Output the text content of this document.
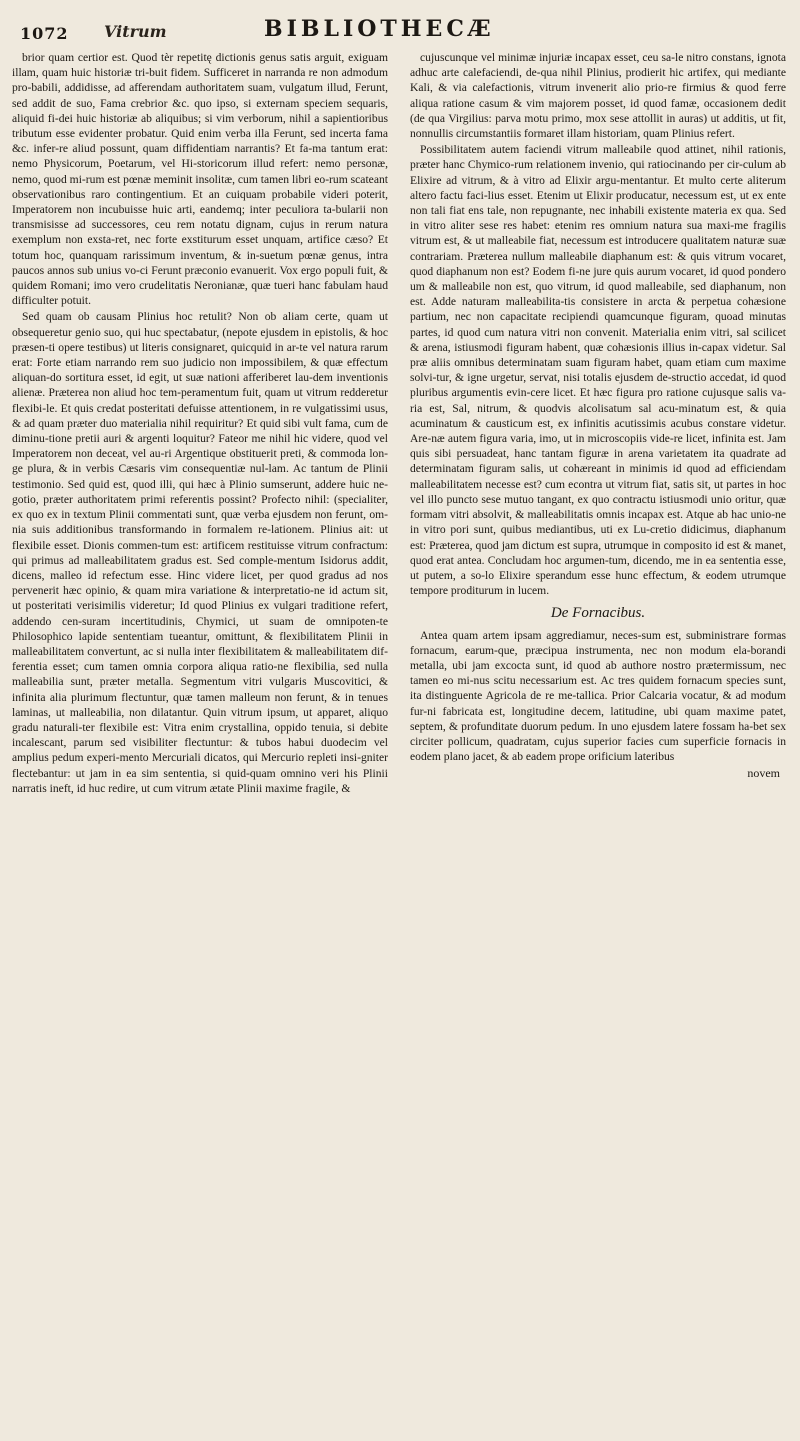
1072 Vitrum	BIBLIOTHECÆ

brior quam certior est. Quod tèr repetitę dictionis genus satis arguit, exiguam illam, quam huic historiæ tri-buit fidem. Sufficeret in narranda re non admodum pro-babili, addidisse, ad afferendam authoritatem suam, vulgatum illud, Ferunt, sed addit de suo, Fama crebrior &c. quo ipso, si externam speciem sequaris, aliquid fi-dei huic historiæ ab aliquibus; si vim verborum, nihil a sapientioribus tributum esse evidenter probatur. Quid enim verba illa Ferunt, sed incerta fama &c. infer-re aliud possunt, quam diffidentiam narrantis? Et fa-ma tantum erat: nemo Physicorum, Poetarum, vel Hi-storicorum illud refert: nemo personæ, nemo, quod mi-rum est pœnæ meminit insolitæ, cum tamen libri eo-rum scateant observationibus raro contingentium. Et an cuiquam probabile videri poterit, Imperatorem non incubuisse huic arti, eandemq; inter peculiora ta-bularii non transmisisse ad successores, ceu rem notatu dignam, cujus in rerum natura exemplum non exsta-ret, nec forte exstiturum esset unquam, artifice cæso? Et totum hoc, quanquam rarissimum inventum, & in-suetum pœnæ genus, intra paucos annos sub unius vo-ci Ferunt præconio evanuerit. Vox ergo populi fuit, & quidem Romani; imo vero crudelitatis Neronianæ, quæ tueri hanc fabulam haud difficulter potuit.

Sed quam ob causam Plinius hoc retulit? Non ob aliam certe, quam ut obsequeretur genio suo, qui huc spectabatur, (nepote ejusdem in epistolis, & hoc præsen-ti opere testibus) ut literis consignaret, quicquid in ar-te vel natura rarum erat: Forte etiam narrando rem suo judicio non impossibilem, & quæ effectum aliquan-do sortitura esset, id egit, ut suæ nationi afferiberet lau-dem inventionis alienæ. Præterea non aliud hoc tem-peramentum fuit, quam ut vitrum redderetur flexibi-le. Et quis credat posteritati defuisse attentionem, in re vulgatissimi usus, & ad quam præter duo materialia nihil requiritur? Et quid sibi vult fama, cum de diminu-tione pretii auri & argenti loquitur? Fateor me nihil hic videre, quod vel Imperatorem non deceat, vel au-ri Argentique obstituerit preti, & commoda lon-ge plura, & in verbis Cæsaris vim consequentiæ nul-lam. Ac tantum de Plinii testimonio. Sed quid est, quod illi, qui hæc à Plinio sumserunt, addere huic ne-gotio, præter authoritatem primi referentis possint? Profecto nihil: (specialiter, ex quo ex in textum Plinii commentati sunt, quæ verba ejusdem non ferunt, om-nia suis additionibus transformando in formalem re-lationem. Plinius ait: ut flexibile esset. Dionis commen-tum est: artificem restituisse vitrum confractum: qui primus ad malleabilitatem gradus est. Sed comple-mentum Isidorus addit, dicens, malleo id refectum esse. Hinc videre licet, per quod gradus ad nos pervenerit hæc opinio, & quam mira variatione & interpretatio-ne id actum sit, ut posteritati verisimilis videretur; Id quod Plinius ex vulgari traditione refert, addendo cen-suram incertitudinis, Chymici, ut suam de omnipoten-te Philosophico lapide sententiam tueantur, omittunt, & flexibilitatem Plinii in malleabilitatem convertunt, ac si nulla inter flexibilitatem & malleabilitatem dif-ferentia esset; cum tamen omnia corpora aliqua ratio-ne flexibilia, sed nulla malleabilia sunt, præter metalla. Segmentum vitri vulgaris Muscovitici, & infinita alia plurimum flectuntur, quæ tamen malleum non ferunt, & in tenues laminas, ut malleabilia, non dilatantur. Quin vitrum ipsum, ut apparet, aliquo gradu naturali-ter flexibile est: Vitra enim crystallina, oppido tenuia, si debite incalescant, parum sed visibiliter flectuntur: & tubos habui duodecim vel amplius pedum experi-mento Mercuriali dicatos, qui Mercurio repleti insi-gniter flectebantur: ut jam in ea sim sententia, si quid-quam omnino veri his Plinii narratis ineft, id huc redire, ut cum vitrum ætate Plinii maxime fragile, &

cujuscunque vel minimæ injuriæ incapax esset, ceu sa-le nitro constans, ignota adhuc arte calefaciendi, de-qua nihil Plinius, prodierit hic artifex, qui mediante Kali, & via calefactionis, vitrum invenerit alio prio-re firmius & quod ferre aliqua ratione casum & vim majorem posset, id quod famæ, occasionem dedit (de qua Virgilius: parva motu primo, mox sese attollit in auras) ut additis, ut fit, nonnullis circumstantiis formaret illam historiam, quam Plinius refert.

Possibilitatem autem faciendi vitrum malleabile quod attinet, nihil rationis, præter hanc Chymico-rum relationem invenio, qui ratiocinando per cir-culum ab Elixire ad vitrum, & à vitro ad Elixir argu-mentantur. Et multo certe aliterum altero factu faci-lius esset. Etenim ut Elixir producatur, necessum est, ut ex ente non tali fiat ens tale, non repugnante, nec inhabili existente materia ex qua. Sed in vitro aliter sese res habet: etenim res omnium natura sua maxi-me fragilis vitrum est, & ut malleabile fiat, necessum est introducere qualitatem naturæ suæ contrariam. Præterea nullum malleabile diaphanum est: & quis vitrum vocaret, quod diaphanum non est? Eodem fi-ne jure quis aurum vocaret, id quod pondero um & malleabile non est, quo vitrum, id quod malleabile, sed diaphanum, non est. Adde naturam malleabilita-tis consistere in arcta & perpetua cohæsione partium, nec non capacitate recipiendi quamcunque figuram, quoad minutas partes, id quod cum natura vitri non convenit. Materialia enim vitri, sal scilicet & arena, istiusmodi figuram habent, quæ cohæsionis illius in-capax videtur. Sal præ aliis omnibus determinatam suam figuram habet, quam etiam cum maxime solvi-tur, & igne urgetur, servat, nisi totalis ejusdem de-structio accedat, id quod pluribus argumentis evin-cere licet. Et hæc figura pro ratione cujusque salis va-ria est, Sal, nitrum, & quodvis alcolisatum sal acu-minatum est, & quia acuminatum & causticum est, ex infinitis acutissimis acubus constare videtur. Are-næ autem figura varia, imo, ut in microscopiis vide-re licet, infinita est. Jam quis sibi persuadeat, hanc tantam figuræ in arena varietatem ita quadrate ad determinatam figuram salis, ut cohæreant in minimis id quod ad efficiendam malleabilitatem necesse est? cum econtra ut vitrum fiat, satis sit, ut partes in hoc vel illo puncto sese mutuo tangant, ex quo contractu istiusmodi unio oritur, quæ formam vitri absolvit, & malleabilitatis omnis incapax est. Atque ab hac unio-ne in vitro pori sunt, quibus mediantibus, uti ex Lu-cretio didicimus, diaphanum est: Præterea, quod jam dictum est supra, utrumque in composito id est & manet, quod erat antea. Concludam hoc argumen-tum, dicendo, me in ea sententia esse, ut putem, a so-lo Elixire sperandum esse hunc effectum, & eodem utrumque tempore proditurum in lucem.

De Fornacibus.

Antea quam artem ipsam aggrediamur, neces-sum est, subministrare formas fornacum, earum-que, præcipua instrumenta, nec non modum ela-borandi metalla, ubi jam excocta sunt, id quod ab authore nostro prætermissum, nec tamen eo mi-nus scitu necessarium est. Ac tres quidem fornacum species sunt, ita distinguente Agricola de re me-tallica. Prior Calcaria vocatur, & ad modum fur-ni fabricata est, longitudine decem, latitudine, ubi quam maxime patet, septem, & profunditate duorum pedum. In uno ejusdem latere fossam ha-bet sex circiter pollicum, quadratam, cujus superior facies cum superficie fornacis in eodem plano jacet, & ab eadem prope orificium lateribus

novem
